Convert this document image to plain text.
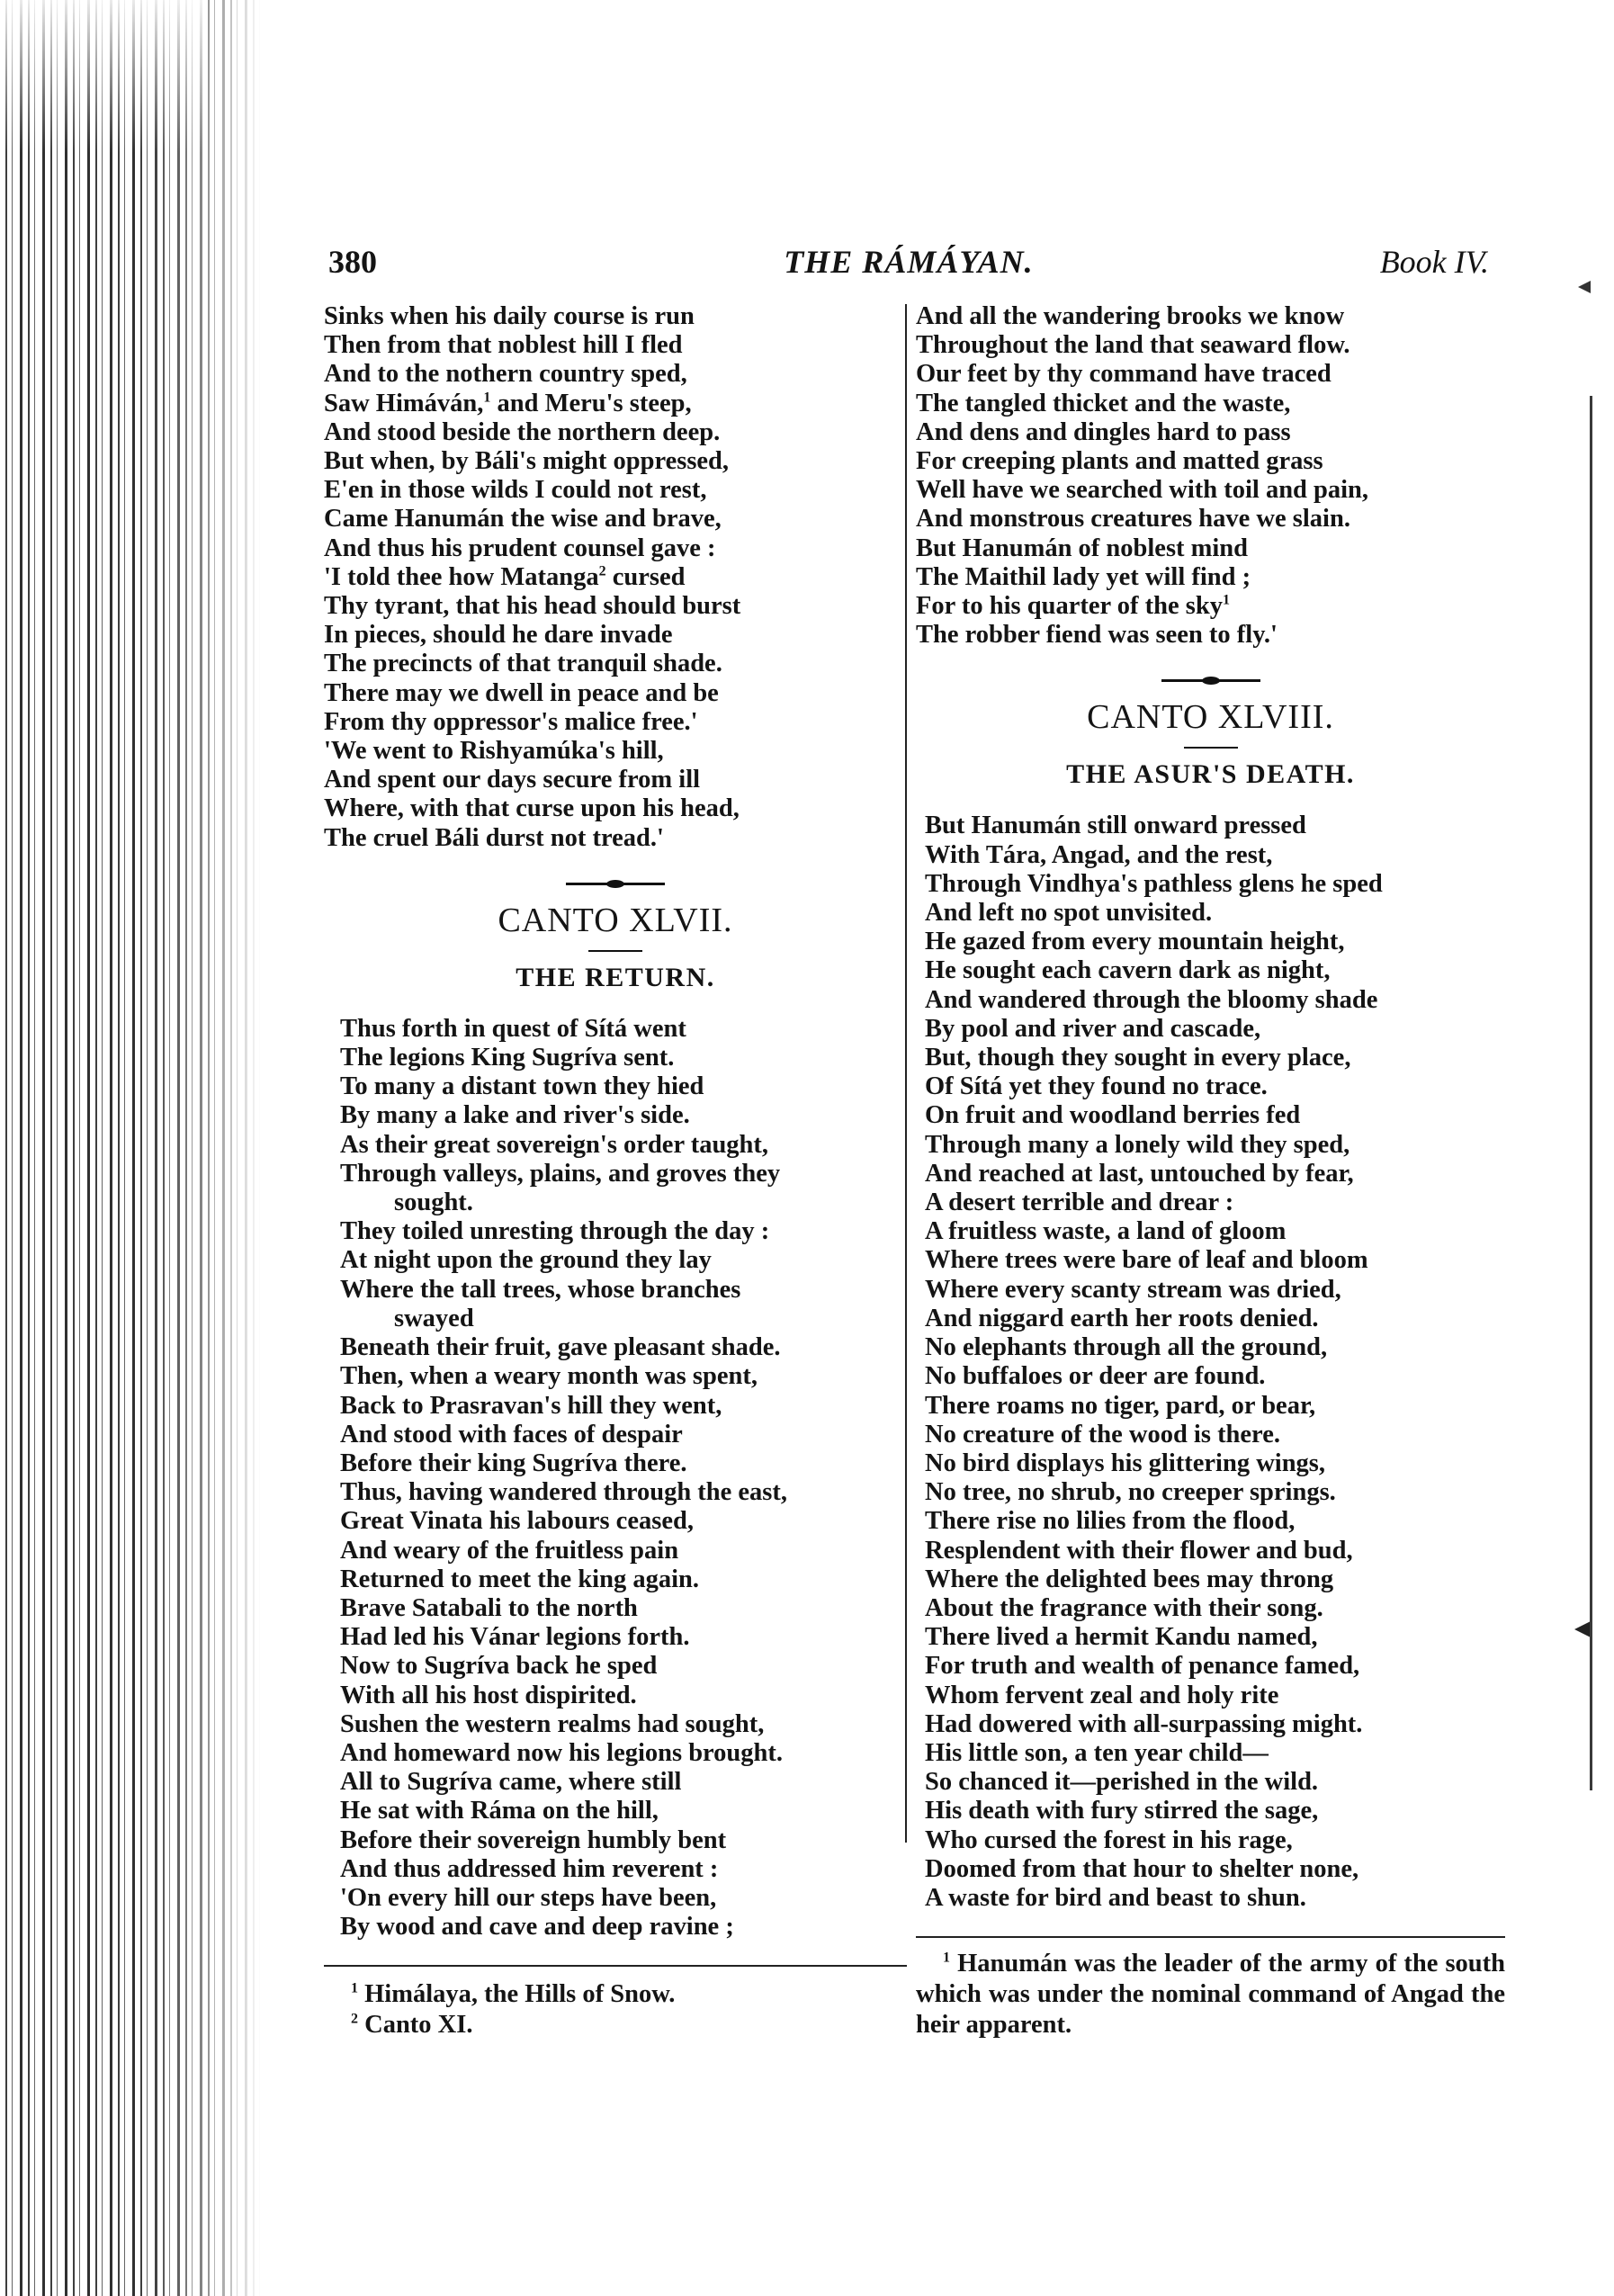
380	THE RÁMÁYAN.	Book IV.
Sinks when his daily course is run
Then from that noblest hill I fled
And to the nothern country sped,
Saw Himáván,$^1$ and Meru's steep,
And stood beside the northern deep.
But when, by Báli's might oppressed,
E'en in those wilds I could not rest,
Came Hanumán the wise and brave,
And thus his prudent counsel gave :
'I told thee how Matanga$^2$ cursed
Thy tyrant, that his head should burst
In pieces, should he dare invade
The precincts of that tranquil shade.
There may we dwell in peace and be
From thy oppressor's malice free.'
'We went to Rishyamúka's hill,
And spent our days secure from ill
Where, with that curse upon his head,
The cruel Báli durst not tread.'
CANTO XLVII.
THE RETURN.
Thus forth in quest of Sítá went
The legions King Sugríva sent.
To many a distant town they hied
By many a lake and river's side.
As their great sovereign's order taught,
Through valleys, plains, and groves they
sought.
They toiled unresting through the day :
At night upon the ground they lay
Where the tall trees, whose branches
swayed
Beneath their fruit, gave pleasant shade.
Then, when a weary month was spent,
Back to Prasravan's hill they went,
And stood with faces of despair
Before their king Sugríva there.
Thus, having wandered through the east,
Great Vinata his labours ceased,
And weary of the fruitless pain
Returned to meet the king again.
Brave Satabali to the north
Had led his Vánar legions forth.
Now to Sugríva back he sped
With all his host dispirited.
Sushen the western realms had sought,
And homeward now his legions brought.
All to Sugríva came, where still
He sat with Ráma on the hill,
Before their sovereign humbly bent
And thus addressed him reverent :
'On every hill our steps have been,
By wood and cave and deep ravine ;
$^1$ Himálaya, the Hills of Snow.
$^2$ Canto XI.
And all the wandering brooks we know
Throughout the land that seaward flow.
Our feet by thy command have traced
The tangled thicket and the waste,
And dens and dingles hard to pass
For creeping plants and matted grass
Well have we searched with toil and pain,
And monstrous creatures have we slain.
But Hanumán of noblest mind
The Maithil lady yet will find ;
For to his quarter of the sky$^1$
The robber fiend was seen to fly.'
CANTO XLVIII.
THE ASUR'S DEATH.
But Hanumán still onward pressed
With Tára, Angad, and the rest,
Through Vindhya's pathless glens he sped
And left no spot unvisited.
He gazed from every mountain height,
He sought each cavern dark as night,
And wandered through the bloomy shade
By pool and river and cascade,
But, though they sought in every place,
Of Sítá yet they found no trace.
On fruit and woodland berries fed
Through many a lonely wild they sped,
And reached at last, untouched by fear,
A desert terrible and drear :
A fruitless waste, a land of gloom
Where trees were bare of leaf and bloom
Where every scanty stream was dried,
And niggard earth her roots denied.
No elephants through all the ground,
No buffaloes or deer are found.
There roams no tiger, pard, or bear,
No creature of the wood is there.
No bird displays his glittering wings,
No tree, no shrub, no creeper springs.
There rise no lilies from the flood,
Resplendent with their flower and bud,
Where the delighted bees may throng
About the fragrance with their song.
There lived a hermit Kandu named,
For truth and wealth of penance famed,
Whom fervent zeal and holy rite
Had dowered with all-surpassing might.
His little son, a ten year child—
So chanced it—perished in the wild.
His death with fury stirred the sage,
Who cursed the forest in his rage,
Doomed from that hour to shelter none,
A waste for bird and beast to shun.
$^1$ Hanumán was the leader of the army of the south which was under the nominal command of Angad the heir apparent.
